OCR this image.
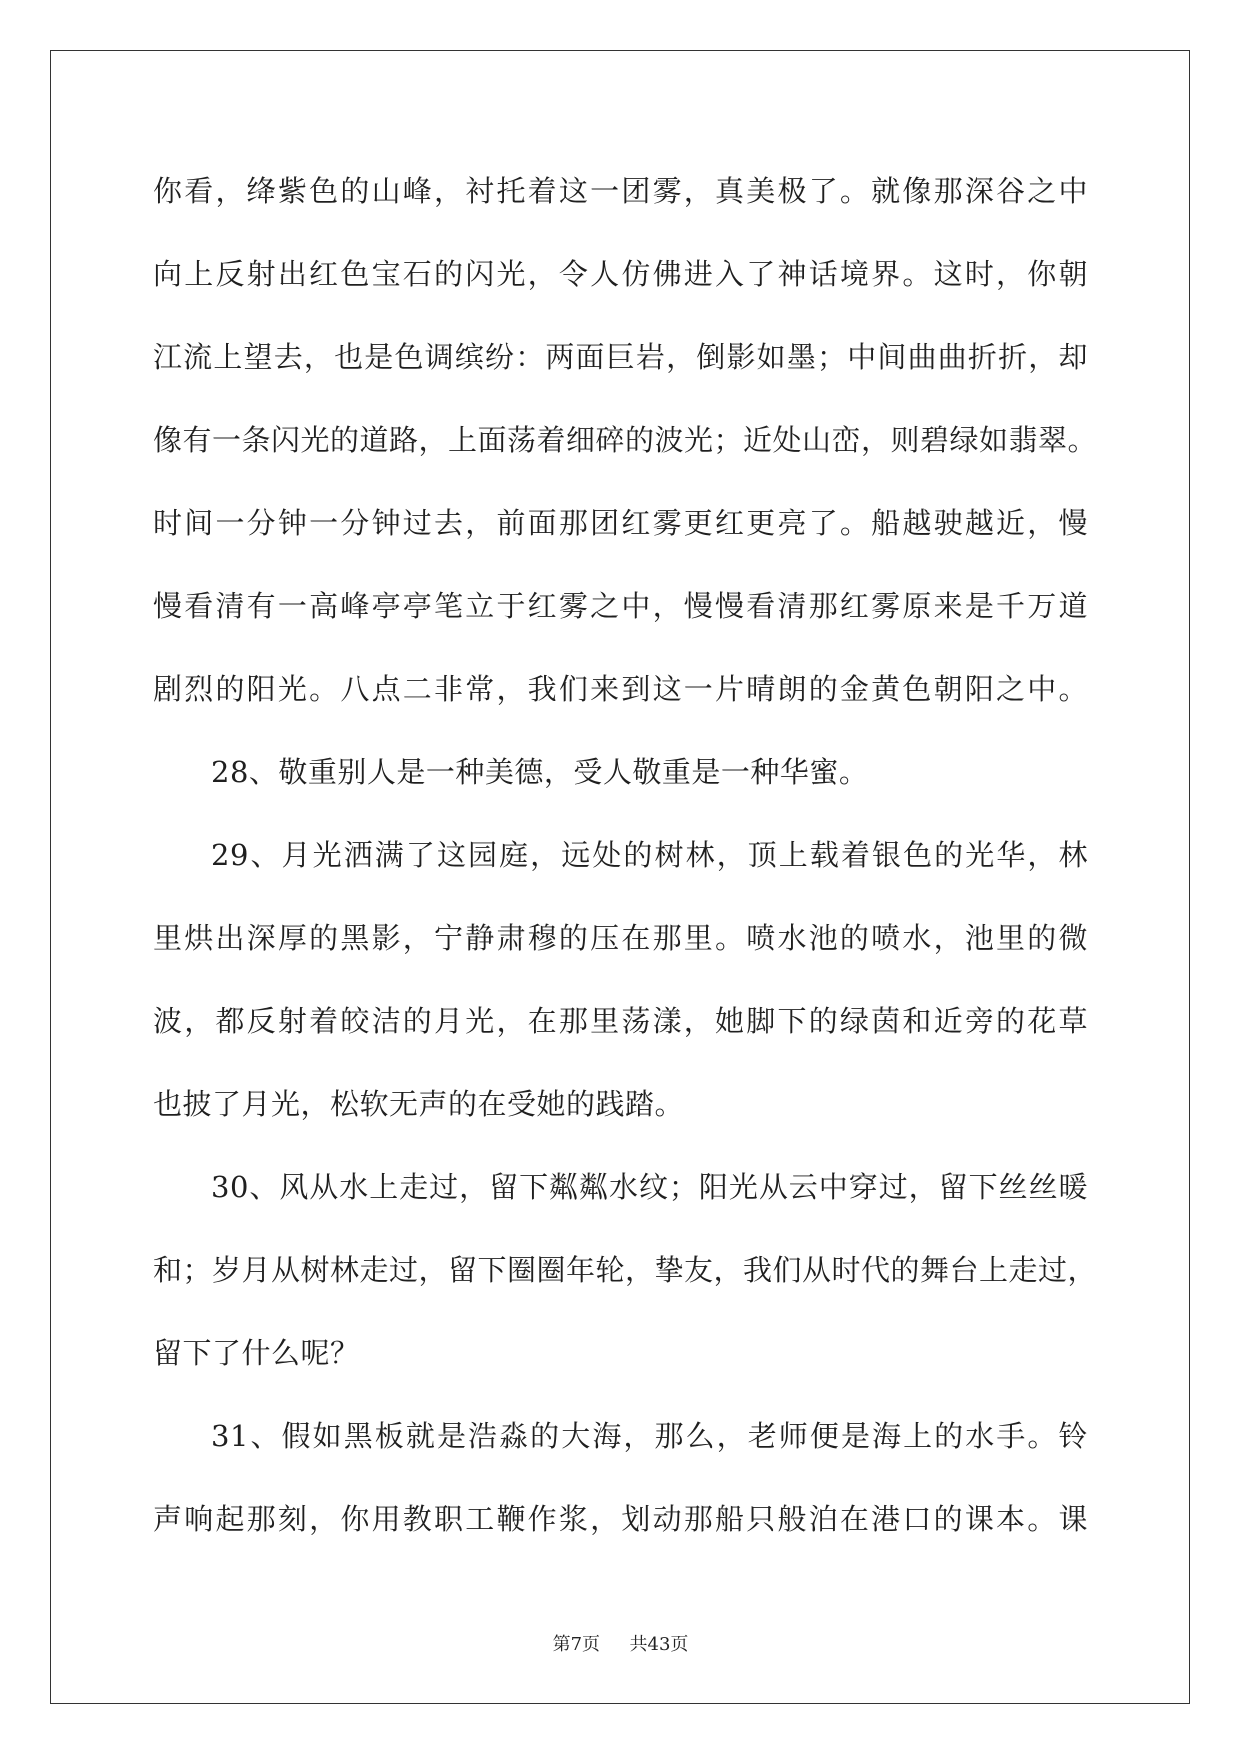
你看，绛紫色的山峰，衬托着这一团雾，真美极了。就像那深谷之中
向上反射出红色宝石的闪光，令人仿佛进入了神话境界。这时，你朝
江流上望去，也是色调缤纷：两面巨岩，倒影如墨；中间曲曲折折，却
像有一条闪光的道路，上面荡着细碎的波光；近处山峦，则碧绿如翡翠。
时间一分钟一分钟过去，前面那团红雾更红更亮了。船越驶越近，慢
慢看清有一高峰亭亭笔立于红雾之中，慢慢看清那红雾原来是千万道
剧烈的阳光。八点二非常，我们来到这一片晴朗的金黄色朝阳之中。
28、敬重别人是一种美德，受人敬重是一种华蜜。
29、月光洒满了这园庭，远处的树林，顶上载着银色的光华，林
里烘出深厚的黑影，宁静肃穆的压在那里。喷水池的喷水，池里的微
波，都反射着皎洁的月光，在那里荡漾，她脚下的绿茵和近旁的花草
也披了月光，松软无声的在受她的践踏。
30、风从水上走过，留下粼粼水纹；阳光从云中穿过，留下丝丝暖
和；岁月从树林走过，留下圈圈年轮，挚友，我们从时代的舞台上走过，
留下了什么呢？
31、假如黑板就是浩淼的大海，那么，老师便是海上的水手。铃
声响起那刻，你用教职工鞭作浆，划动那船只般泊在港口的课本。课
第7页 共43页
